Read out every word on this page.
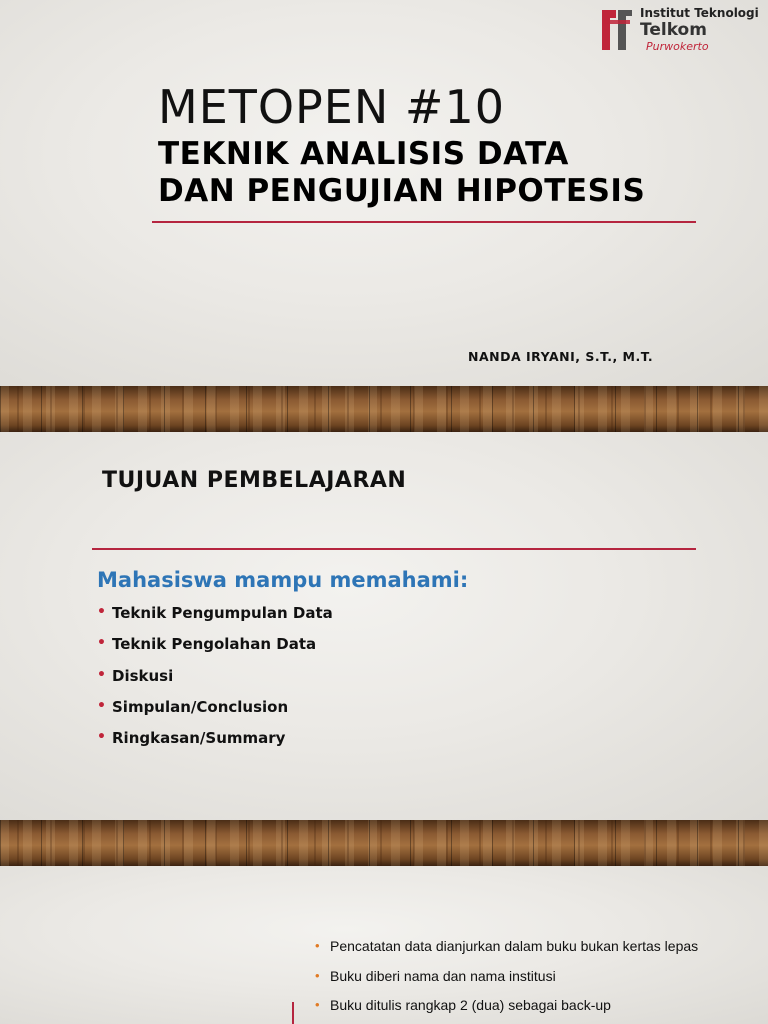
Institut Teknologi
Telkom
Purwokerto
METOPEN #10
TEKNIK ANALISIS DATA
DAN PENGUJIAN HIPOTESIS
NANDA IRYANI, S.T., M.T.
TUJUAN PEMBELAJARAN
Mahasiswa mampu memahami:
• Teknik Pengumpulan Data
• Teknik Pengolahan Data
• Diskusi
• Simpulan/Conclusion
• Ringkasan/Summary
• Pencatatan data dianjurkan dalam buku bukan kertas lepas
• Buku diberi nama dan nama institusi
• Buku ditulis rangkap 2 (dua) sebagai back-up
